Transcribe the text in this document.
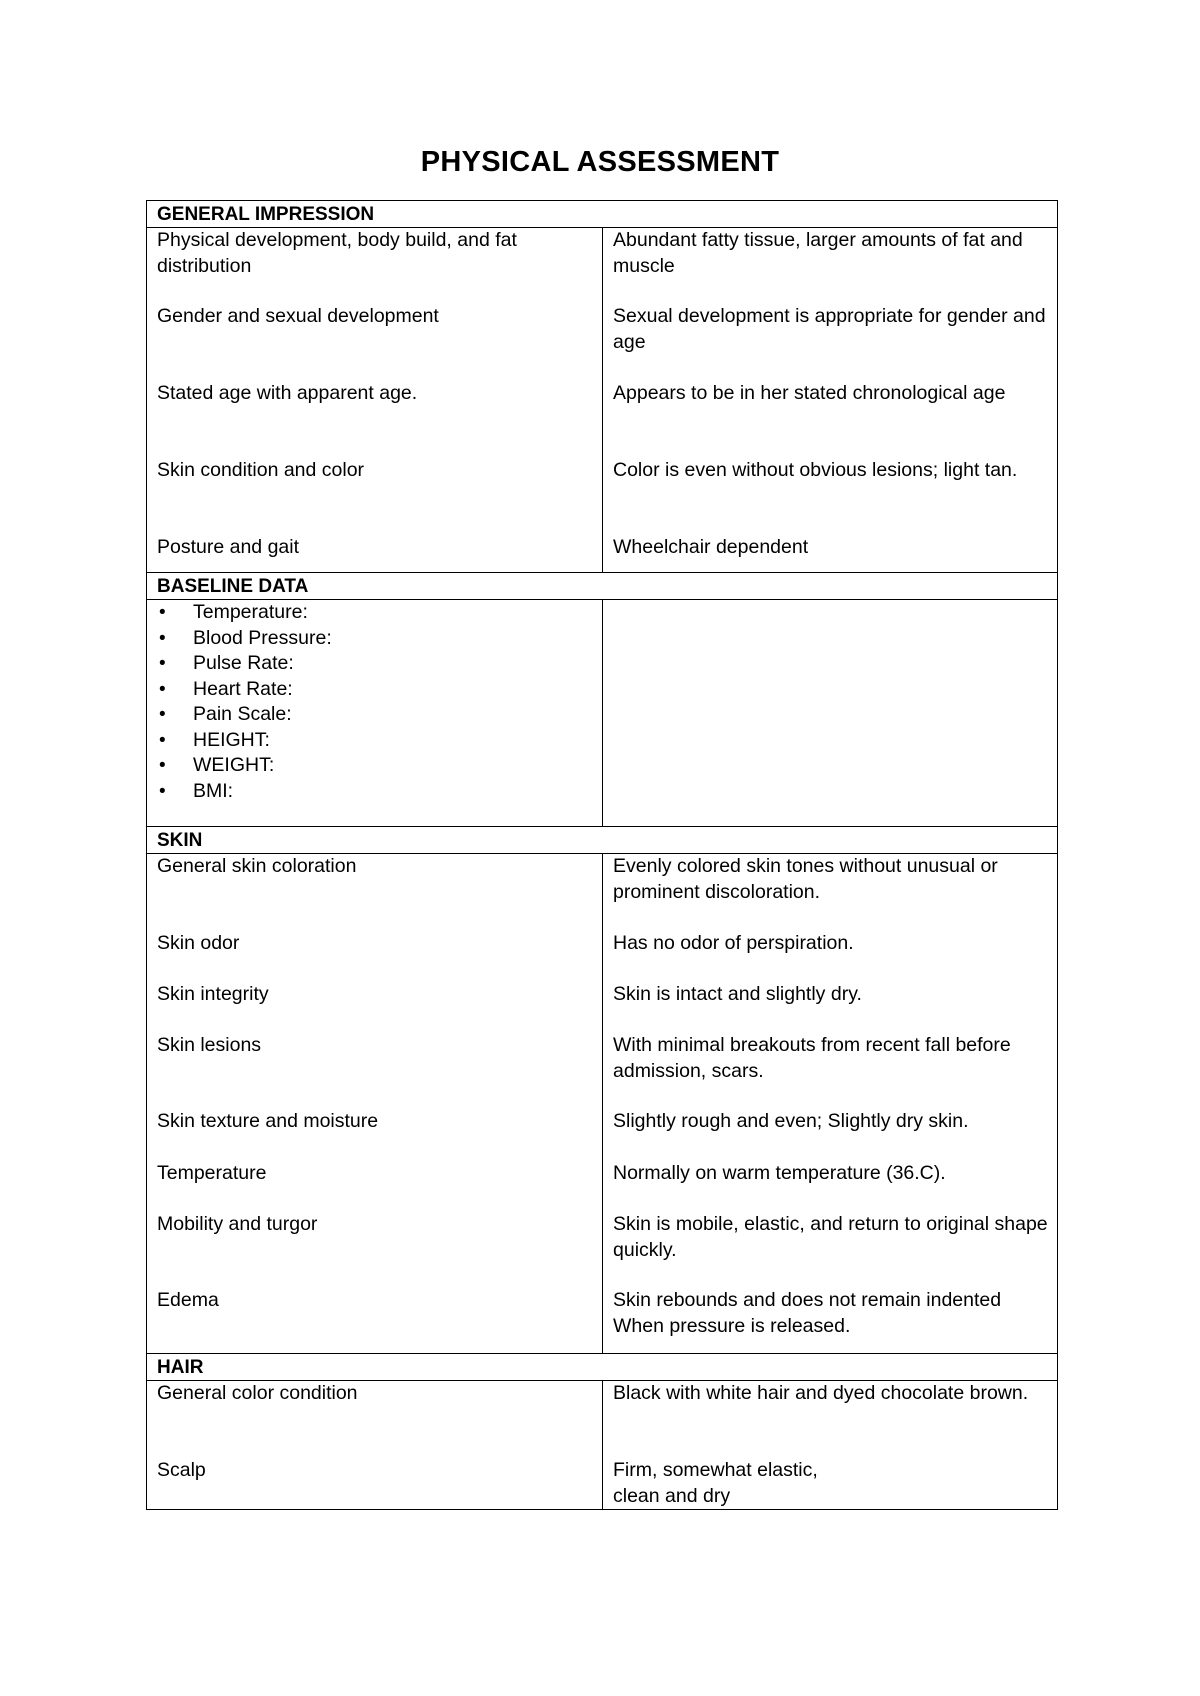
PHYSICAL ASSESSMENT
GENERAL IMPRESSION

Physical development, body build, and fat distribution

Gender and sexual development

Stated age with apparent age.

Skin condition and color

Posture and gait

Abundant fatty tissue, larger amounts of fat and muscle

Sexual development is appropriate for gender and age

Appears to be in her stated chronological age

Color is even without obvious lesions; light tan.

Wheelchair dependent

BASELINE DATA
• Temperature:
• Blood Pressure:
• Pulse Rate:
• Heart Rate:
• Pain Scale:
• HEIGHT:
• WEIGHT:
• BMI:
SKIN

General skin coloration

Skin odor

Skin integrity

Skin lesions

Skin texture and moisture

Temperature

Mobility and turgor

Edema

Evenly colored skin tones without unusual or prominent discoloration.

Has no odor of perspiration.

Skin is intact and slightly dry.

With minimal breakouts from recent fall before admission, scars.

Slightly rough and even; Slightly dry skin.

Normally on warm temperature (36.C).

Skin is mobile, elastic, and return to original shape quickly.

Skin rebounds and does not remain indented When pressure is released.

HAIR

General color condition

Scalp

Black with white hair and dyed chocolate brown.

Firm, somewhat elastic, clean and dry
